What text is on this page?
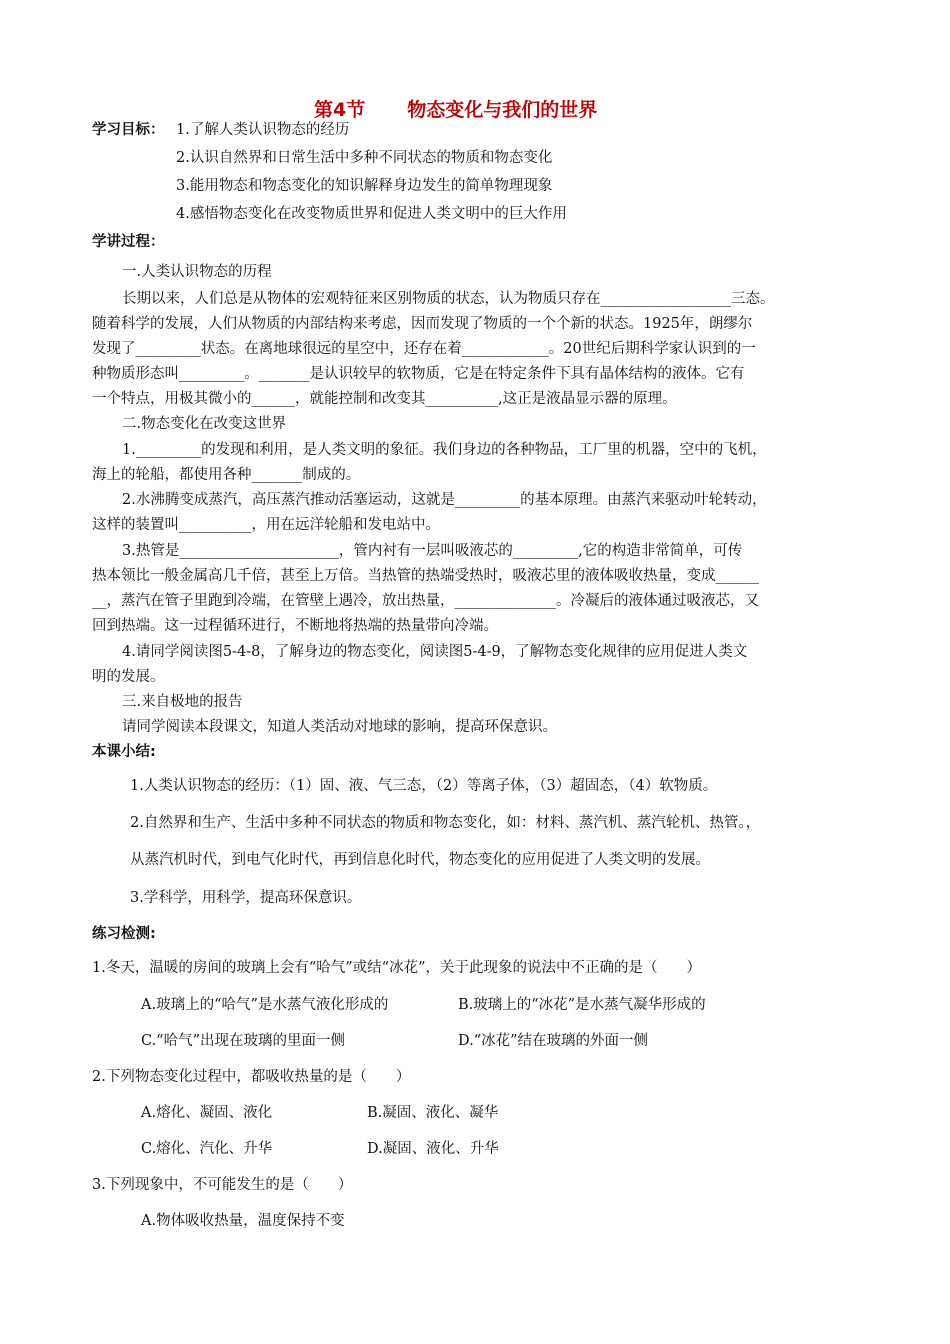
第4节 物态变化与我们的世界
学习目标： 1.了解人类认识物态的经历
2.认识自然界和日常生活中多种不同状态的物质和物态变化
3.能用物态和物态变化的知识解释身边发生的简单物理现象
4.感悟物态变化在改变物质世界和促进人类文明中的巨大作用
学讲过程：
一.人类认识物态的历程
长期以来，人们总是从物体的宏观特征来区别物质的状态，认为物质只存在__________________三态。
随着科学的发展，人们从物质的内部结构来考虑，因而发现了物质的一个个新的状态。1925年，朗缪尔
发现了_________状态。在离地球很远的星空中，还存在着____________。20世纪后期科学家认识到的一
种物质形态叫_________。_______是认识较早的软物质，它是在特定条件下具有晶体结构的液体。它有
一个特点，用极其微小的______，就能控制和改变其__________,这正是液晶显示器的原理。
二.物态变化在改变这世界
1._________的发现和利用，是人类文明的象征。我们身边的各种物品，工厂里的机器，空中的飞机，
海上的轮船，都使用各种_______制成的。
2.水沸腾变成蒸汽，高压蒸汽推动活塞运动，这就是_________的基本原理。由蒸汽来驱动叶轮转动，
这样的装置叫__________，用在远洋轮船和发电站中。
3.热管是______________________，管内衬有一层叫吸液芯的_________,它的构造非常简单，可传
热本领比一般金属高几千倍，甚至上万倍。当热管的热端受热时，吸液芯里的液体吸收热量，变成______
__，蒸汽在管子里跑到冷端，在管壁上遇冷，放出热量，______________。冷凝后的液体通过吸液芯，又
回到热端。这一过程循环进行，不断地将热端的热量带向冷端。
4.请同学阅读图5-4-8，了解身边的物态变化，阅读图5-4-9，了解物态变化规律的应用促进人类文
明的发展。
三.来自极地的报告
请同学阅读本段课文，知道人类活动对地球的影响，提高环保意识。
本课小结:
1.人类认识物态的经历：（1）固、液、气三态，（2）等离子体，（3）超固态，（4）软物质。
2.自然界和生产、生活中多种不同状态的物质和物态变化，如：材料、蒸汽机、蒸汽轮机、热管。，
从蒸汽机时代，到电气化时代，再到信息化时代，物态变化的应用促进了人类文明的发展。
3.学科学，用科学，提高环保意识。
练习检测:
1.冬天，温暖的房间的玻璃上会有“哈气”或结“冰花”，关于此现象的说法中不正确的是（　　）
A.玻璃上的“哈气”是水蒸气液化形成的	B.玻璃上的“冰花”是水蒸气凝华形成的
C.“哈气”出现在玻璃的里面一侧	D.“冰花”结在玻璃的外面一侧
2.下列物态变化过程中，都吸收热量的是（　　）
A.熔化、凝固、液化	B.凝固、液化、凝华
C.熔化、汽化、升华	D.凝固、液化、升华
3.下列现象中，不可能发生的是（　　）
A.物体吸收热量，温度保持不变
